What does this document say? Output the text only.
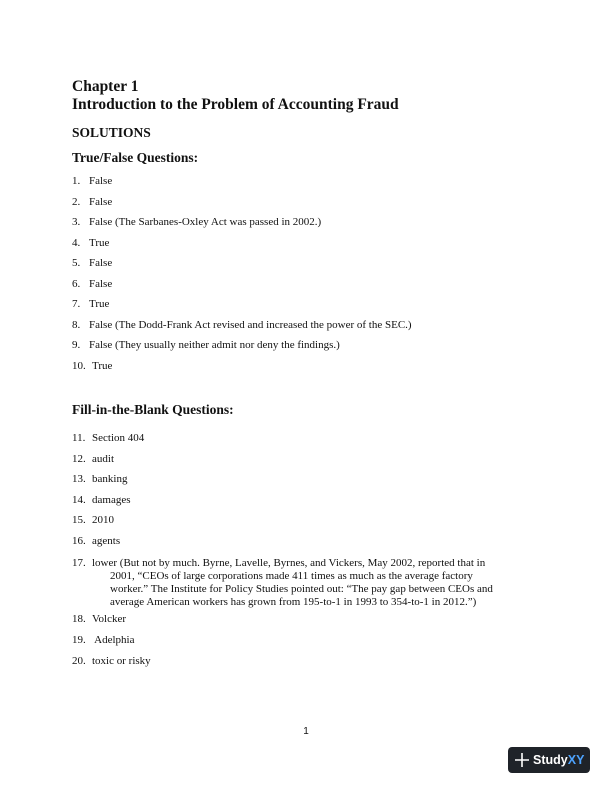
Chapter 1
Introduction to the Problem of Accounting Fraud
SOLUTIONS
True/False Questions:
1. False
2. False
3. False (The Sarbanes-Oxley Act was passed in 2002.)
4. True
5. False
6. False
7. True
8. False (The Dodd-Frank Act revised and increased the power of the SEC.)
9. False (They usually neither admit nor deny the findings.)
10. True
Fill-in-the-Blank Questions:
11. Section 404
12. audit
13. banking
14. damages
15. 2010
16. agents
17. lower (But not by much. Byrne, Lavelle, Byrnes, and Vickers, May 2002, reported that in
2001, “CEOs of large corporations made 411 times as much as the average factory
worker.” The Institute for Policy Studies pointed out: “The pay gap between CEOs and
average American workers has grown from 195-to-1 in 1993 to 354-to-1 in 2012.”)
18. Volcker
19. Adelphia
20. toxic or risky
1
Study XY
